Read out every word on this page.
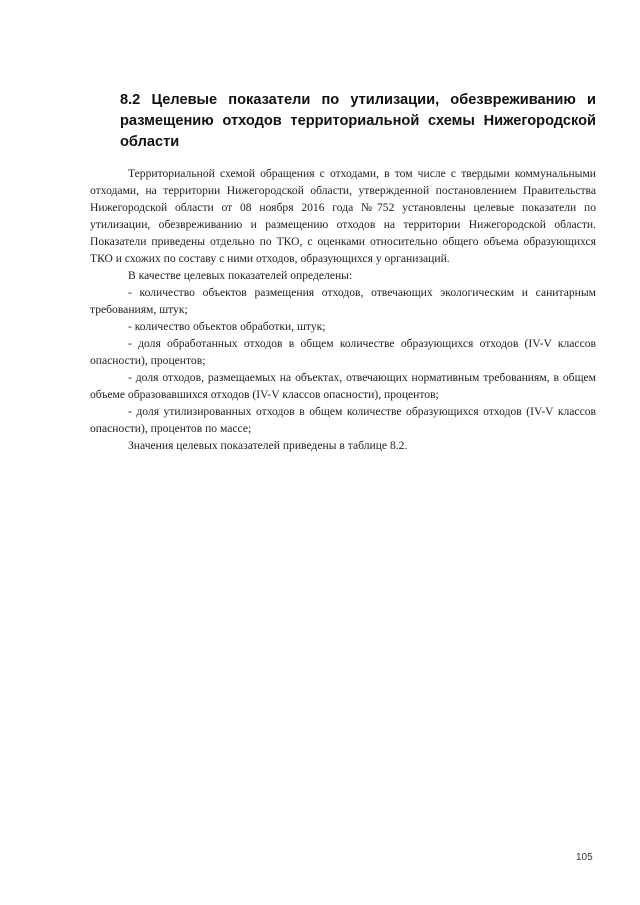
8.2 Целевые показатели по утилизации, обезвреживанию и размещению отходов территориальной схемы Нижегородской области

Территориальной схемой обращения с отходами, в том числе с твердыми коммунальными отходами, на территории Нижегородской области, утвержденной постановлением Правительства Нижегородской области от 08 ноября 2016 года №752 установлены целевые показатели по утилизации, обезвреживанию и размещению отходов на территории Нижегородской области. Показатели приведены отдельно по ТКО, с оценками относительно общего объема образующихся ТКО и схожих по составу с ними отходов, образующихся у организаций.

В качестве целевых показателей определены:

- количество объектов размещения отходов, отвечающих экологическим и санитарным требованиям, штук;

- количество объектов обработки, штук;

- доля обработанных отходов в общем количестве образующихся отходов (IV-V классов опасности), процентов;

- доля отходов, размещаемых на объектах, отвечающих нормативным требованиям, в общем объеме образовавшихся отходов (IV-V классов опасности), процентов;

- доля утилизированных отходов в общем количестве образующихся отходов (IV-V классов опасности), процентов по массе;

Значения целевых показателей приведены в таблице 8.2.

105
